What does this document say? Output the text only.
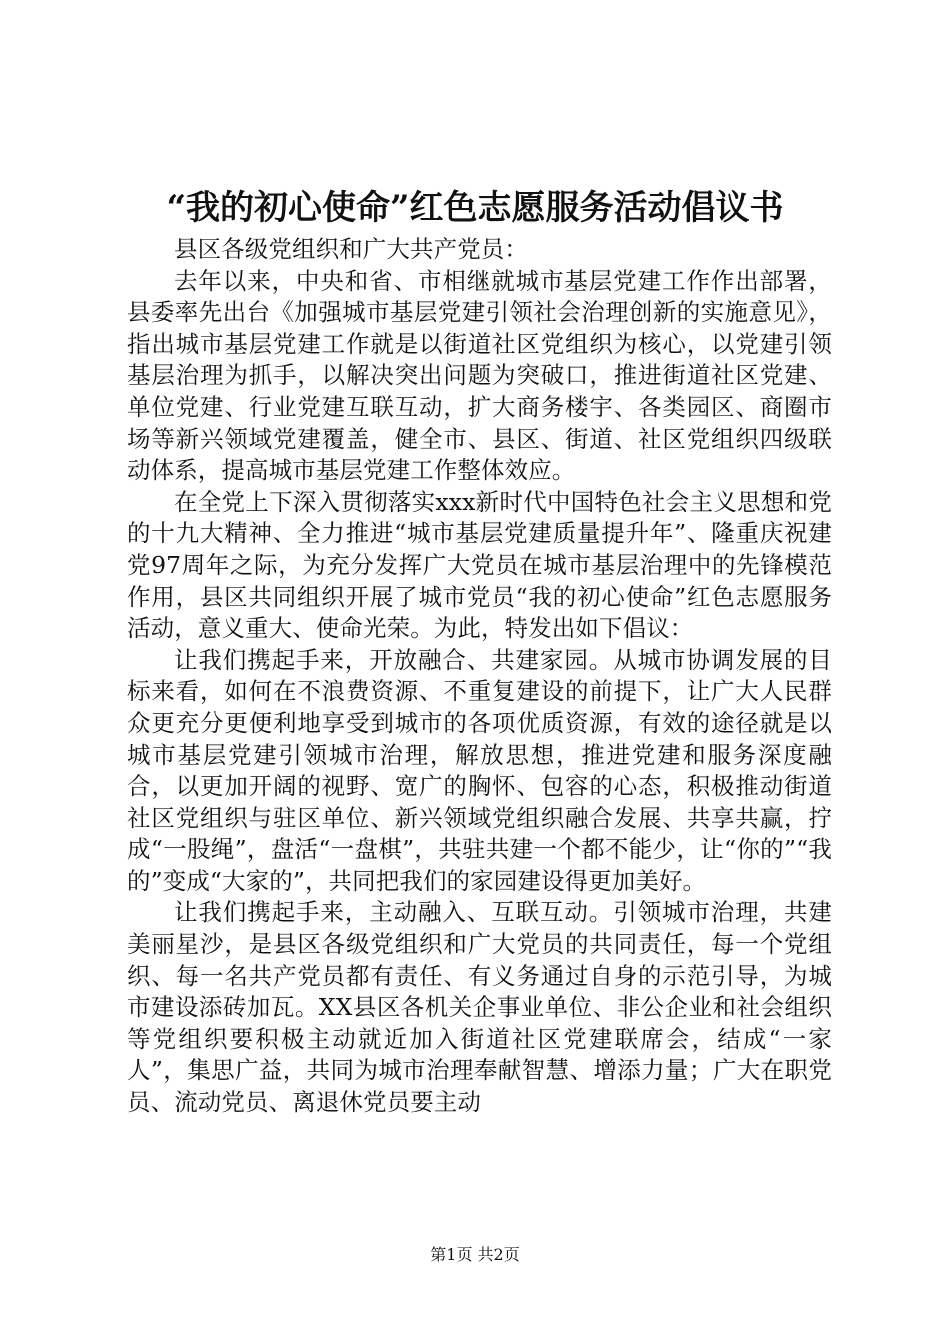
“我的初心使命”红色志愿服务活动倡议书

县区各级党组织和广大共产党员：

去年以来，中央和省、市相继就城市基层党建工作作出部署，县委率先出台《加强城市基层党建引领社会治理创新的实施意见》，指出城市基层党建工作就是以街道社区党组织为核心，以党建引领基层治理为抓手，以解决突出问题为突破口，推进街道社区党建、单位党建、行业党建互联互动，扩大商务楼宇、各类园区、商圈市场等新兴领域党建覆盖，健全市、县区、街道、社区党组织四级联动体系，提高城市基层党建工作整体效应。

在全党上下深入贯彻落实xxx新时代中国特色社会主义思想和党的十九大精神、全力推进“城市基层党建质量提升年”、隆重庆祝建党97周年之际，为充分发挥广大党员在城市基层治理中的先锋模范作用，县区共同组织开展了城市党员“我的初心使命”红色志愿服务活动，意义重大、使命光荣。为此，特发出如下倡议：

让我们携起手来，开放融合、共建家园。从城市协调发展的目标来看，如何在不浪费资源、不重复建设的前提下，让广大人民群众更充分更便利地享受到城市的各项优质资源，有效的途径就是以城市基层党建引领城市治理，解放思想，推进党建和服务深度融合，以更加开阔的视野、宽广的胸怀、包容的心态，积极推动街道社区党组织与驻区单位、新兴领域党组织融合发展、共享共赢，拧成“一股绳”，盘活“一盘棋”，共驻共建一个都不能少，让“你的”“我的”变成“大家的”，共同把我们的家园建设得更加美好。

让我们携起手来，主动融入、互联互动。引领城市治理，共建美丽星沙，是县区各级党组织和广大党员的共同责任，每一个党组织、每一名共产党员都有责任、有义务通过自身的示范引导，为城市建设添砖加瓦。XX县区各机关企事业单位、非公企业和社会组织等党组织要积极主动就近加入街道社区党建联席会，结成“一家人”，集思广益，共同为城市治理奉献智慧、增添力量；广大在职党员、流动党员、离退休党员要主动

第1页 共2页
